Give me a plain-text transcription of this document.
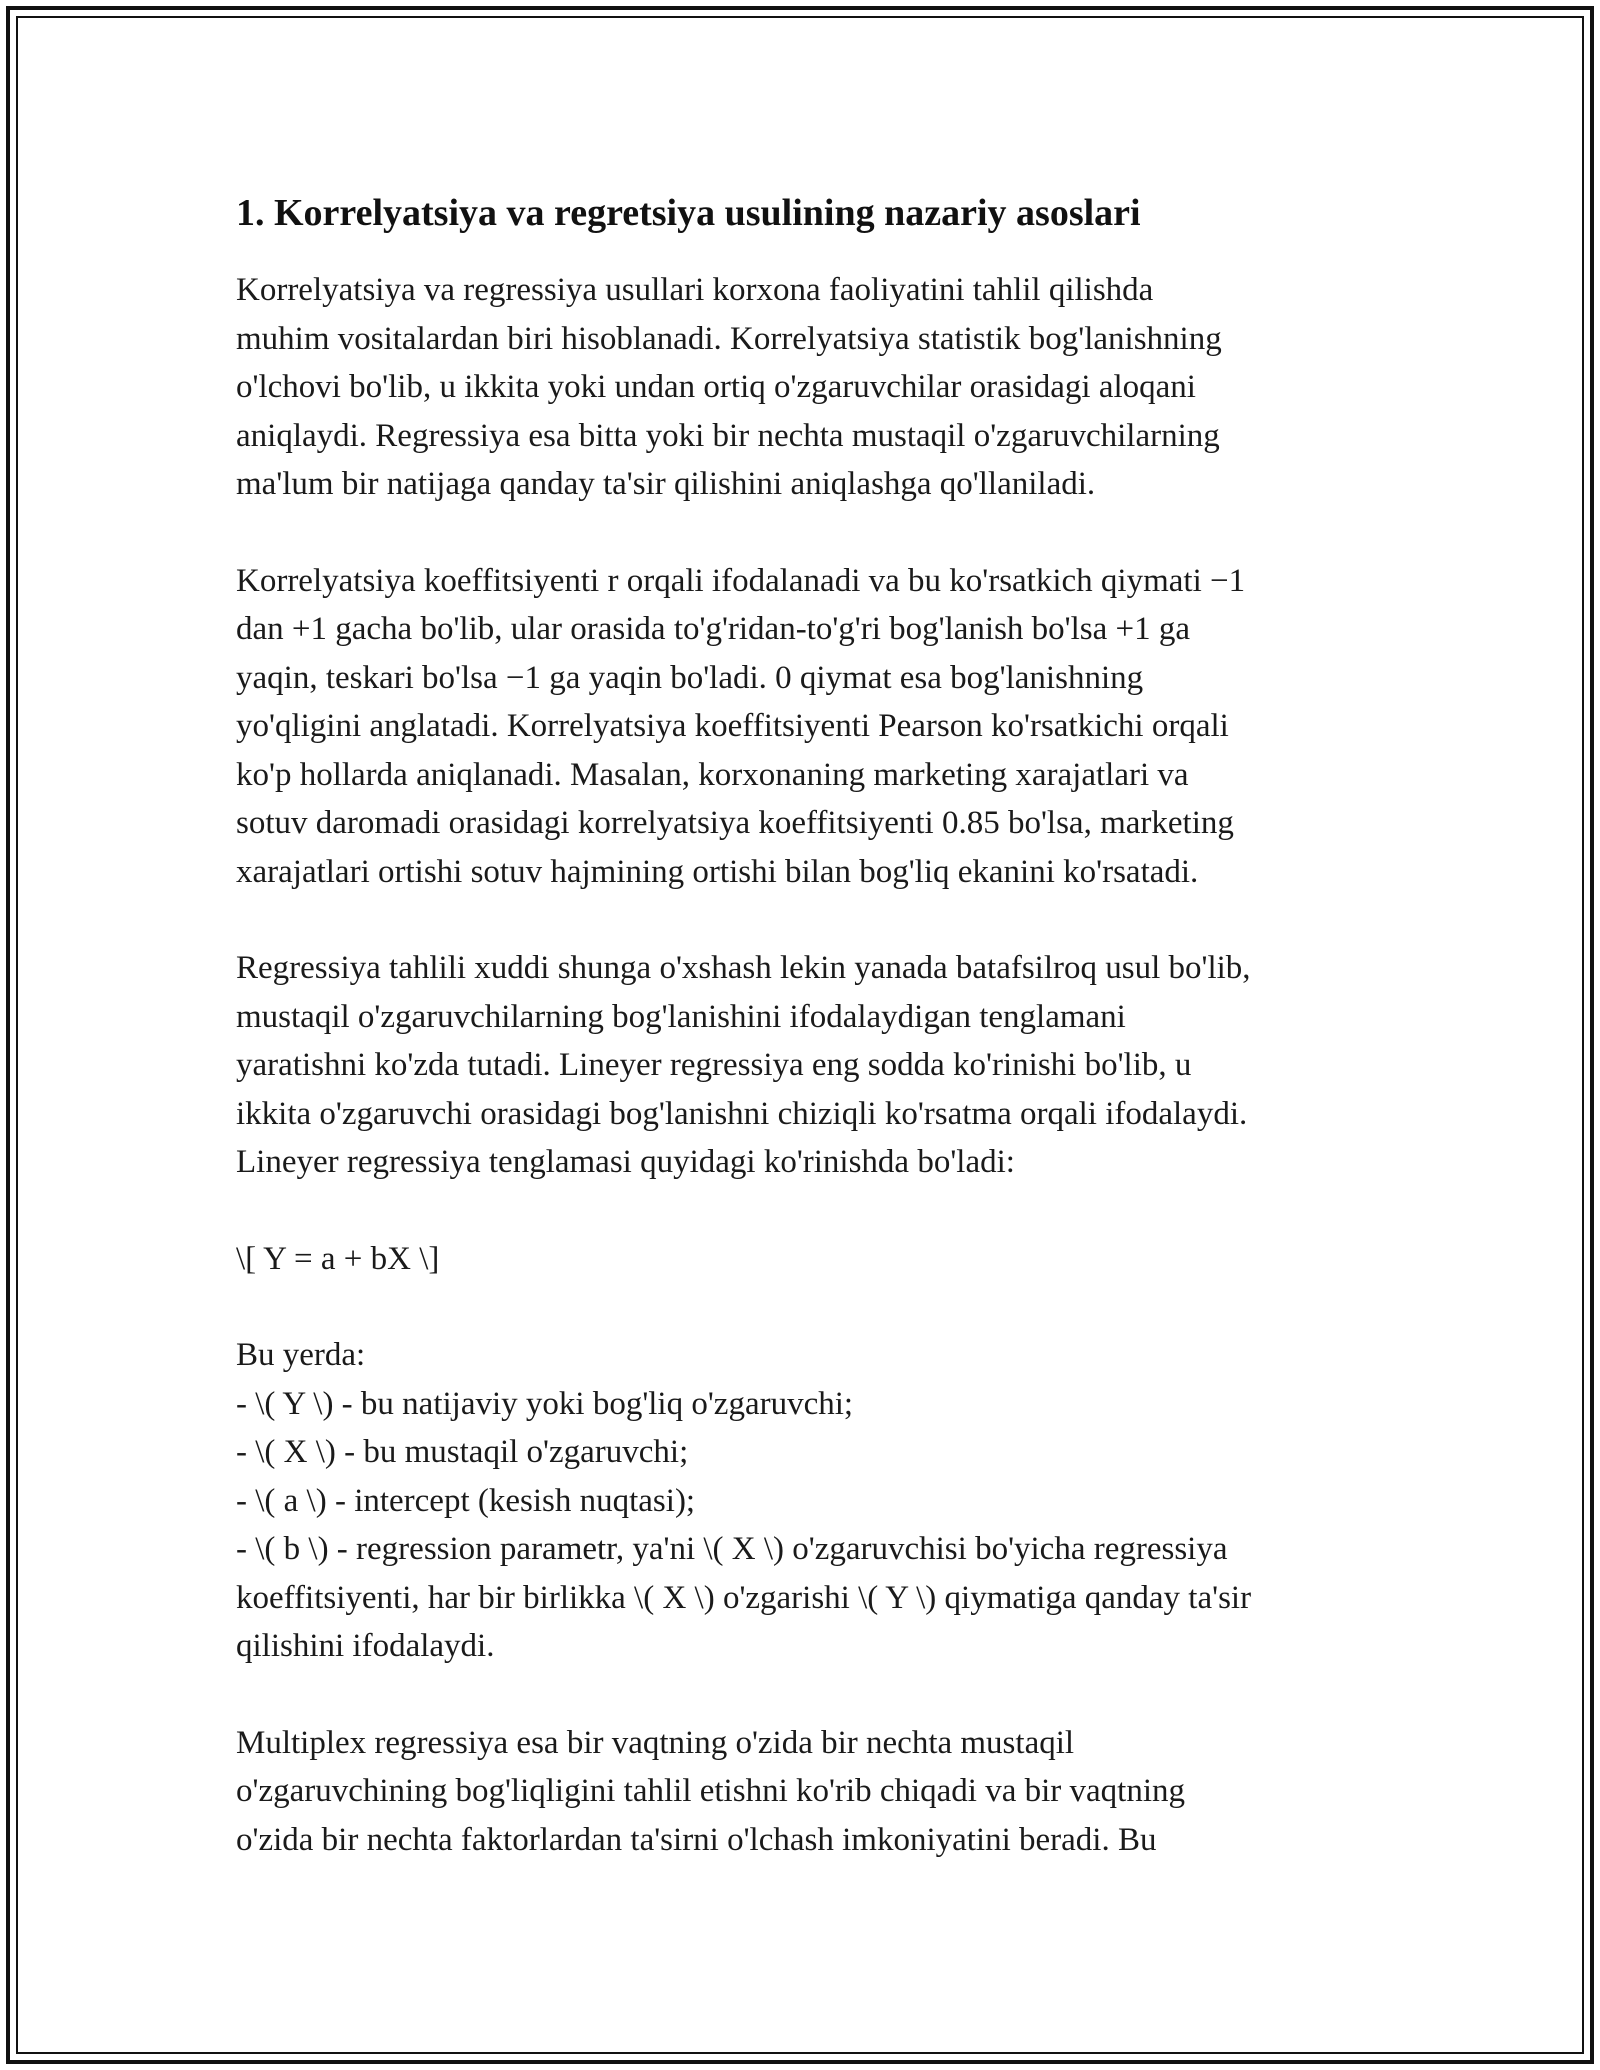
1. Korrelyatsiya va regretsiya usulining nazariy asoslari
Korrelyatsiya va regressiya usullari korxona faoliyatini tahlil qilishda
muhim vositalardan biri hisoblanadi. Korrelyatsiya statistik bog'lanishning
o'lchovi bo'lib, u ikkita yoki undan ortiq o'zgaruvchilar orasidagi aloqani
aniqlaydi. Regressiya esa bitta yoki bir nechta mustaqil o'zgaruvchilarning
ma'lum bir natijaga qanday ta'sir qilishini aniqlashga qo'llaniladi.
Korrelyatsiya koeffitsiyenti r orqali ifodalanadi va bu ko'rsatkich qiymati −1
dan +1 gacha bo'lib, ular orasida to'g'ridan-to'g'ri bog'lanish bo'lsa +1 ga
yaqin, teskari bo'lsa −1 ga yaqin bo'ladi. 0 qiymat esa bog'lanishning
yo'qligini anglatadi. Korrelyatsiya koeffitsiyenti Pearson ko'rsatkichi orqali
ko'p hollarda aniqlanadi. Masalan, korxonaning marketing xarajatlari va
sotuv daromadi orasidagi korrelyatsiya koeffitsiyenti 0.85 bo'lsa, marketing
xarajatlari ortishi sotuv hajmining ortishi bilan bog'liq ekanini ko'rsatadi.
Regressiya tahlili xuddi shunga o'xshash lekin yanada batafsilroq usul bo'lib,
mustaqil o'zgaruvchilarning bog'lanishini ifodalaydigan tenglamani
yaratishni ko'zda tutadi. Lineyer regressiya eng sodda ko'rinishi bo'lib, u
ikkita o'zgaruvchi orasidagi bog'lanishni chiziqli ko'rsatma orqali ifodalaydi.
Lineyer regressiya tenglamasi quyidagi ko'rinishda bo'ladi:
\[ Y = a + bX \]
Bu yerda:
- \( Y \) - bu natijaviy yoki bog'liq o'zgaruvchi;
- \( X \) - bu mustaqil o'zgaruvchi;
- \( a \) - intercept (kesish nuqtasi);
- \( b \) - regression parametr, ya'ni \( X \) o'zgaruvchisi bo'yicha regressiya
koeffitsiyenti, har bir birlikka \( X \) o'zgarishi \( Y \) qiymatiga qanday ta'sir
qilishini ifodalaydi.
Multiplex regressiya esa bir vaqtning o'zida bir nechta mustaqil
o'zgaruvchining bog'liqligini tahlil etishni ko'rib chiqadi va bir vaqtning
o'zida bir nechta faktorlardan ta'sirni o'lchash imkoniyatini beradi. Bu
